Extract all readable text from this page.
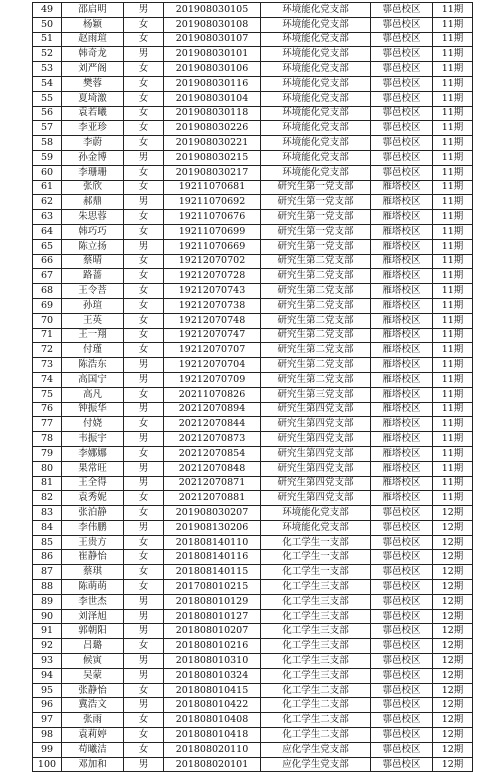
49	邵启明	男	201908030105	环境能化党支部	鄠邑校区	11期
50	杨颖	女	201908030108	环境能化党支部	鄠邑校区	11期
51	赵雨瑄	女	201908030107	环境能化党支部	鄠邑校区	11期
52	韩奇龙	男	201908030101	环境能化党支部	鄠邑校区	11期
53	刘严阁	女	201908030106	环境能化党支部	鄠邑校区	11期
54	樊蓉	女	201908030116	环境能化党支部	鄠邑校区	11期
55	夏埼激	女	201908030104	环境能化党支部	鄠邑校区	11期
56	袁若曦	女	201908030118	环境能化党支部	鄠邑校区	11期
57	李亚珍	女	201908030226	环境能化党支部	鄠邑校区	11期
58	李蔚	女	201908030221	环境能化党支部	鄠邑校区	11期
59	孙金博	男	201908030215	环境能化党支部	鄠邑校区	11期
60	李珊珊	女	201908030217	环境能化党支部	鄠邑校区	11期
61	张欣	女	19211070681	研究生第一党支部	雁塔校区	11期
62	郝鼎	男	19211070692	研究生第一党支部	雁塔校区	11期
63	朱思蓉	女	19211070676	研究生第一党支部	雁塔校区	11期
64	韩巧巧	女	19211070699	研究生第一党支部	雁塔校区	11期
65	陈立扬	男	19211070669	研究生第一党支部	雁塔校区	11期
66	蔡晴	女	19212070702	研究生第二党支部	雁塔校区	11期
67	路蔷	女	19212070728	研究生第二党支部	雁塔校区	11期
68	王令菩	女	19212070743	研究生第二党支部	雁塔校区	11期
69	孙瑄	女	19212070738	研究生第二党支部	雁塔校区	11期
70	王英	女	19212070748	研究生第二党支部	雁塔校区	11期
71	王一翔	女	19212070747	研究生第二党支部	雁塔校区	11期
72	付瑾	女	19212070707	研究生第二党支部	雁塔校区	11期
73	陈浩东	男	19212070704	研究生第二党支部	雁塔校区	11期
74	高国宁	男	19212070709	研究生第二党支部	雁塔校区	11期
75	高凡	女	20211070826	研究生第三党支部	雁塔校区	11期
76	钟振华	男	20212070894	研究生第四党支部	雁塔校区	11期
77	付娆	女	20212070844	研究生第四党支部	雁塔校区	11期
78	韦振宇	男	20212070873	研究生第四党支部	雁塔校区	11期
79	李娜娜	女	20212070854	研究生第四党支部	雁塔校区	11期
80	果常旺	男	20212070848	研究生第四党支部	雁塔校区	11期
81	王全得	男	20212070871	研究生第四党支部	雁塔校区	11期
82	袁秀妮	女	20212070881	研究生第四党支部	雁塔校区	11期
83	张泊静	女	201908030207	环境能化党支部	鄠邑校区	12期
84	李伟鹏	男	201908130206	环境能化党支部	鄠邑校区	12期
85	王贵方	女	201808140110	化工学生一支部	鄠邑校区	12期
86	崔静怡	女	201808140116	化工学生一支部	鄠邑校区	12期
87	蔡琪	女	201808140115	化工学生一支部	鄠邑校区	12期
88	陈萌萌	女	201708010215	化工学生三支部	鄠邑校区	12期
89	李世杰	男	201808010129	化工学生三支部	鄠邑校区	12期
90	刘泽旭	男	201808010127	化工学生三支部	鄠邑校区	12期
91	郭朝阳	男	201808010207	化工学生三支部	鄠邑校区	12期
92	吕璐	女	201808010216	化工学生三支部	鄠邑校区	12期
93	候寅	男	201808010310	化工学生三支部	鄠邑校区	12期
94	吴蒙	男	201808010324	化工学生三支部	鄠邑校区	12期
95	张静怡	女	201808010415	化工学生二支部	鄠邑校区	12期
96	冀浩文	男	201808010422	化工学生二支部	鄠邑校区	12期
97	张雨	女	201808010408	化工学生二支部	鄠邑校区	12期
98	袁莉婷	女	201808010418	化工学生二支部	鄠邑校区	12期
99	苟曦洁	女	201808020110	应化学生党支部	鄠邑校区	12期
100	邓加和	男	201808020101	应化学生党支部	鄠邑校区	12期
